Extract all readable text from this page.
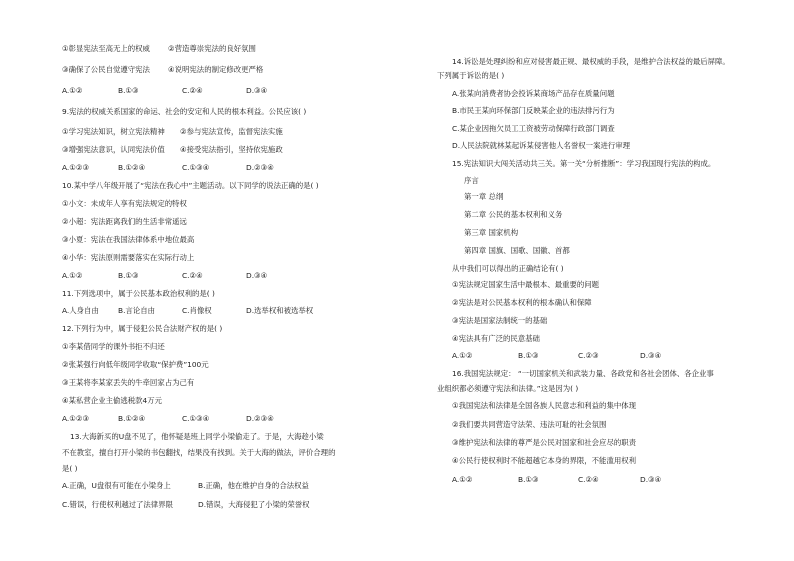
①彰显宪法至高无上的权威 ②营造尊崇宪法的良好氛围
③确保了公民自觉遵守宪法 ④说明宪法的制定修改更严格
A.①②	B.①③	C.②④	D.③④
9.宪法的权威关系国家的命运、社会的安定和人民的根本利益。公民应该( )
①学习宪法知识，树立宪法精神 ②参与宪法宣传，监督宪法实施
③增强宪法意识，认同宪法价值 ④接受宪法指引，坚持依宪施政
A.①②③	B.①②④	C.①③④	D.②③④
10.某中学八年级开展了“宪法在我心中”主题活动。以下同学的说法正确的是( )
①小文：未成年人享有宪法规定的特权
②小超：宪法距离我们的生活非常遥远
③小夏：宪法在我国法律体系中地位最高
④小华：宪法原则需要落实在实际行动上
A.①②	B.①③	C.②④	D.③④
11.下列选项中，属于公民基本政治权利的是( )
A.人身自由	B.言论自由	C.肖像权	D.选举权和被选举权
12.下列行为中，属于侵犯公民合法财产权的是( )
①李某借同学的课外书拒不归还
②张某强行向低年级同学收取“保护费”100元
③王某将李某家丢失的牛牵回家占为己有
④某私营企业主偷逃税款4万元
A.①②③	B.①②④	C.①③④	D.②③④
13.大海新买的U盘不见了，他怀疑是班上同学小梁偷走了。于是，大海趁小梁
不在教室，擅自打开小梁的书包翻找，结果没有找到。关于大海的做法，评价合理的
是( )
A.正确，U盘很有可能在小梁身上	B.正确，他在维护自身的合法权益
C.错误，行使权利越过了法律界限	D.错误，大海侵犯了小梁的荣誉权
14.诉讼是处理纠纷和应对侵害最正规、最权威的手段，是维护合法权益的最后屏障。
下列属于诉讼的是( )
A.张某向消费者协会投诉某商场产品存在质量问题
B.市民王某向环保部门反映某企业的违法排污行为
C.某企业因拖欠员工工资被劳动保障行政部门调查
D.人民法院就林某起诉某侵害他人名誉权一案进行审理
15.宪法知识大闯关活动共三关。第一关“分析推断”：学习我国现行宪法的构成。
序言
第一章 总纲
第二章 公民的基本权利和义务
第三章 国家机构
第四章 国旗、国歌、国徽、首都
从中我们可以得出的正确结论有( )
①宪法规定国家生活中最根本、最重要的问题
②宪法是对公民基本权利的根本确认和保障
③宪法是国家法制统一的基础
④宪法具有广泛的民意基础
A.①②	B.①③	C.②③	D.③④
16.我国宪法规定： “一切国家机关和武装力量、各政党和各社会团体、各企业事
业组织都必须遵守宪法和法律。”这是因为( )
①我国宪法和法律是全国各族人民意志和利益的集中体现
②我们要共同营造守法荣、违法可耻的社会氛围
③维护宪法和法律的尊严是公民对国家和社会应尽的职责
④公民行使权利时不能超越它本身的界限，不能滥用权利
A.①②	B.①③	C.②④	D.③④
